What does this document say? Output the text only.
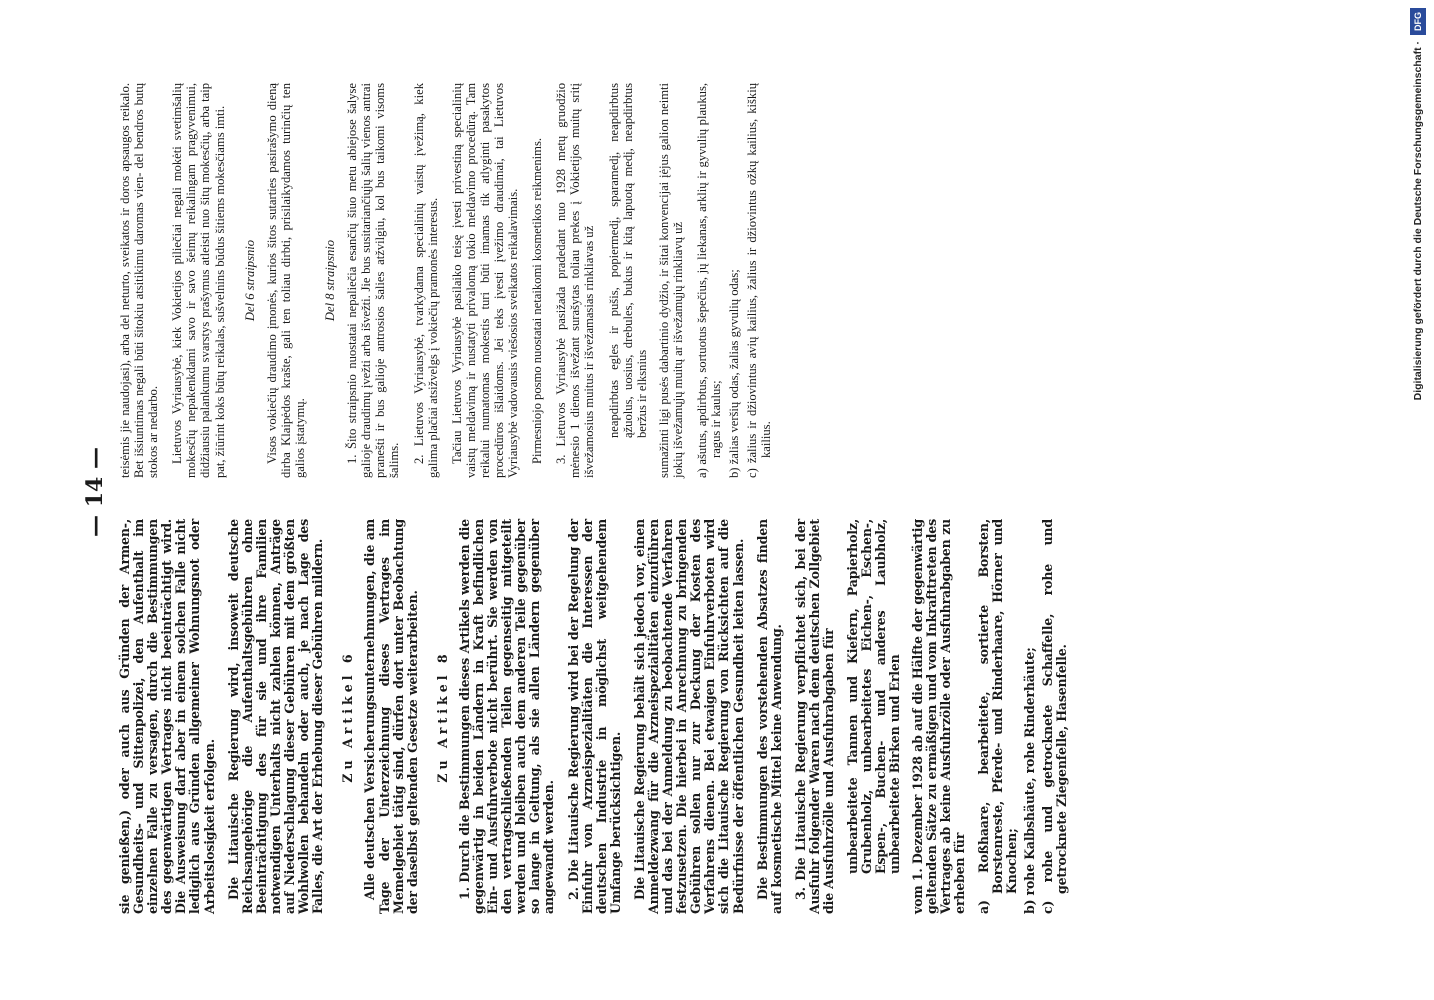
— 14 —
sie genießen,) oder auch aus Gründen der Armen-, Gesundheits- und Sittenpolizei, den Aufenthalt im einzelnen Falle zu versagen, durch die Bestimmungen des gegenwärtigen Vertrages nicht beeinträchtigt wird. Die Ausweisung darf aber in einem solchen Falle nicht lediglich aus Gründen allgemeiner Wohnungsnot oder Arbeitslosigkeit erfolgen. Die Litauische Regierung wird, insoweit deutsche Reichsangehörige die Aufenthaltsgebühren ohne Beeinträchtigung des für sie und ihre Familien notwendigen Unterhalts nicht zahlen können, Anträge auf Niederschlagung dieser Gebühren mit dem größten Wohlwollen behandeln oder auch, je nach Lage des Falles, die Art der Erhebung dieser Gebühren mildern. Zu Artikel 6 Alle deutschen Versicherungsunternehmungen, die am Tage der Unterzeichnung dieses Vertrages im Memelgebiet tätig sind, dürfen dort unter Beobachtung der daselbst geltenden Gesetze weiterarbeiten. Zu Artikel 8 1. Durch die Bestimmungen dieses Artikels werden die gegenwärtig in beiden Ländern in Kraft befindlichen Ein- und Ausfuhrverbote nicht berührt. Sie werden von den vertragschließenden Teilen gegenseitig mitgeteilt werden und bleiben auch dem anderen Teile gegenüber so lange in Geltung, als sie allen Ländern gegenüber angewandt werden. 2. Die Litauische Regierung wird bei der Regelung der Einfuhr von Arzneispezialitäten die Interessen der deutschen Industrie in möglichst weitgehendem Umfange berücksichtigen. Die Litauische Regierung behält sich jedoch vor, einen Anmeldezwang für die Arzneispezialitäten einzuführen und das bei der Anmeldung zu beobachtende Verfahren festzusetzen. Die hierbei in Anrechnung zu bringenden Gebühren sollen nur zur Deckung der Kosten des Verfahrens dienen. Bei etwaigen Einfuhrverboten wird sich die Litauische Regierung von Rücksichten auf die Bedürfnisse der öffentlichen Gesundheit leiten lassen. Die Bestimmungen des vorstehenden Absatzes finden auf kosmetische Mittel keine Anwendung. 3. Die Litauische Regierung verpflichtet sich, bei der Ausfuhr folgender Waren nach dem deutschen Zollgebiet die Ausfuhrzölle und Ausfuhrabgaben für unbearbeitete Tannen und Kiefern, Papierholz, Grubenholz, unbearbeitetes Eichen-, Eschen-, Espen-, Buchen- und anderes Laubholz, unbearbeitete Birken und Erlen vom 1. Dezember 1928 ab auf die Hälfte der gegenwärtig geltenden Sätze zu ermäßigen und vom Inkrafttreten des Vertrages ab keine Ausfuhrzölle oder Ausfuhrabgaben zu erheben für a) Roßhaare, bearbeitete, sortierte Borsten, Borstenreste, Pferde- und Rinderhaare, Hörner und Knochen; b) rohe Kalbshäute, rohe Rinderhäute; c) rohe und getrocknete Schaffelle, rohe und getrocknete Ziegenfelle, Hasenfelle.
teisėmis jie naudojasi), arba del neturto, sveikatos ir doros apsaugos reikalo. Bet išsiuntimas negali būti šitokiu atsitikimu daromas vien- del bendros butų stokos ar nedarbo. Lietuvos Vyriausybė, kiek Vokietijos piliečiai negali mokėti svetimšalių mokesčių nepakenkdami savo ir savo šeimų reikalingam pragyvenimui, didžiausiu palankumu svarstys prašymus atleisti nuo šitų mokesčių, arba taip pat, žiūrint koks būtų reikalas, sušvelnins būdus šitiems mokesčiams imti. Del 6 straipsnio Visos vokiečių draudimo įmonės, kurios šitos sutarties pasirašymo dieną dirba Klaipėdos krašte, gali ten toliau dirbti, prisilaikydamos turinčių ten galios įstatymų.
Del 8 straipsnio 1. Šito straipsnio nuostatai nepaliečia esančių šiuo metu abiejose šalyse galioje draudimų įvežti arba išvežti. Jie bus susitariančiųjų šalių vienos antrai pranešti ir bus galioje antrosios šalies atžvilgiu, kol bus taikomi visoms šalims. 2. Lietuvos Vyriausybė, tvarkydama specialinių vaistų įvežimą, kiek galima plačiai atsižvelgs į vokiečių pramonės interesus. Tačiau Lietuvos Vyriausybė pasilaiko teisę įvesti privestiną specialinių vaistų meldavimą ir nustatyti privalomą tokio meldavimo procedūrą. Tam reikalui numatomas mokestis turi būti imamas tik atlyginti pasakytos procedūros išlaidoms. Jei teks įvesti įvežimo draudimai, tai Lietuvos Vyriausybė vadovausis viešosios sveikatos reikalavimais. Pirmesniojo posmo nuostatai netaikomi kosmetikos reikmenims. 3. Lietuvos Vyriausybė pasižada pradedant nuo 1928 metų gruodžio mėnesio 1 dienos išvežant surašytas toliau prekes į Vokietijos muitų sritį išvežamosius muitus ir išvežamasias rinkliavas už neapdirbtas egles ir pušis, popiermedį, sparamedį, neapdirbtus ąžuolus, uosius, drebules, bukus ir kitą lapuotą medį, neapdirbtus beržus ir elksnius sumažinti ligi pusės dabartinio dydžio, ir šitai konvencijai įėjus galion neimti jokių išvežamųjų muitų ar išvežamųjų rinkliavų už a) ašutus, apdirbtus, sortuotus šepečius, jų liekanas, arklių ir gyvulių plaukus, ragus ir kaulus; b) žalias veršių odas, žalias gyvulių odas; c) žalius ir džiovintus avių kailius, žalius ir džiovintus ožkų kailius, kiškių kailius.
Digitalisierung gefördert durch die Deutsche Forschungsgemeinschaft ·
DFG
